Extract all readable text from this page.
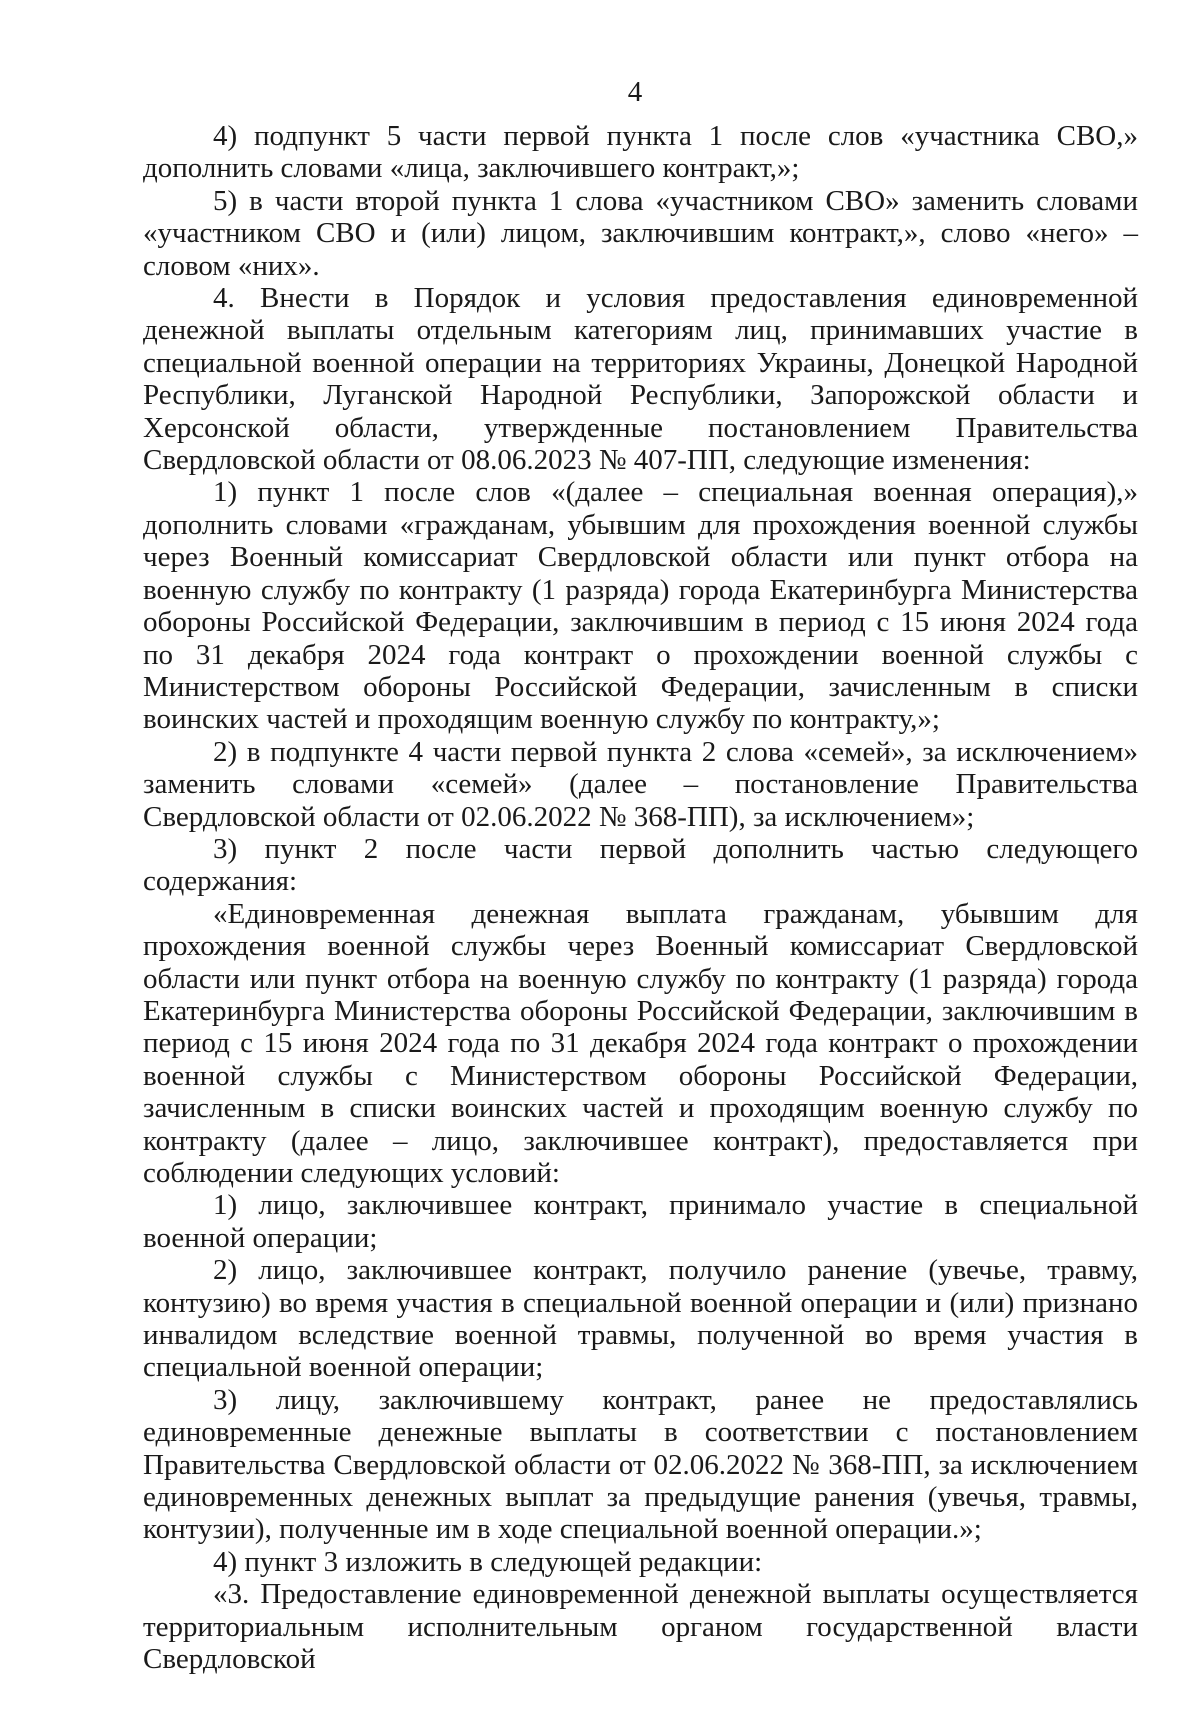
4

4) подпункт 5 части первой пункта 1 после слов «участника СВО,» дополнить словами «лица, заключившего контракт,»;

5) в части второй пункта 1 слова «участником СВО» заменить словами «участником СВО и (или) лицом, заключившим контракт,», слово «него» – словом «них».

4. Внести в Порядок и условия предоставления единовременной денежной выплаты отдельным категориям лиц, принимавших участие в специальной военной операции на территориях Украины, Донецкой Народной Республики, Луганской Народной Республики, Запорожской области и Херсонской области, утвержденные постановлением Правительства Свердловской области от 08.06.2023 № 407-ПП, следующие изменения:

1) пункт 1 после слов «(далее – специальная военная операция),» дополнить словами «гражданам, убывшим для прохождения военной службы через Военный комиссариат Свердловской области или пункт отбора на военную службу по контракту (1 разряда) города Екатеринбурга Министерства обороны Российской Федерации, заключившим в период с 15 июня 2024 года по 31 декабря 2024 года контракт о прохождении военной службы с Министерством обороны Российской Федерации, зачисленным в списки воинских частей и проходящим военную службу по контракту,»;

2) в подпункте 4 части первой пункта 2 слова «семей», за исключением» заменить словами «семей» (далее – постановление Правительства Свердловской области от 02.06.2022 № 368-ПП), за исключением»;

3) пункт 2 после части первой дополнить частью следующего содержания:

«Единовременная денежная выплата гражданам, убывшим для прохождения военной службы через Военный комиссариат Свердловской области или пункт отбора на военную службу по контракту (1 разряда) города Екатеринбурга Министерства обороны Российской Федерации, заключившим в период с 15 июня 2024 года по 31 декабря 2024 года контракт о прохождении военной службы с Министерством обороны Российской Федерации, зачисленным в списки воинских частей и проходящим военную службу по контракту (далее – лицо, заключившее контракт), предоставляется при соблюдении следующих условий:

1) лицо, заключившее контракт, принимало участие в специальной военной операции;

2) лицо, заключившее контракт, получило ранение (увечье, травму, контузию) во время участия в специальной военной операции и (или) признано инвалидом вследствие военной травмы, полученной во время участия в специальной военной операции;

3) лицу, заключившему контракт, ранее не предоставлялись единовременные денежные выплаты в соответствии с постановлением Правительства Свердловской области от 02.06.2022 № 368-ПП, за исключением единовременных денежных выплат за предыдущие ранения (увечья, травмы, контузии), полученные им в ходе специальной военной операции.»;

4) пункт 3 изложить в следующей редакции:

«3. Предоставление единовременной денежной выплаты осуществляется территориальным исполнительным органом государственной власти Свердловской
